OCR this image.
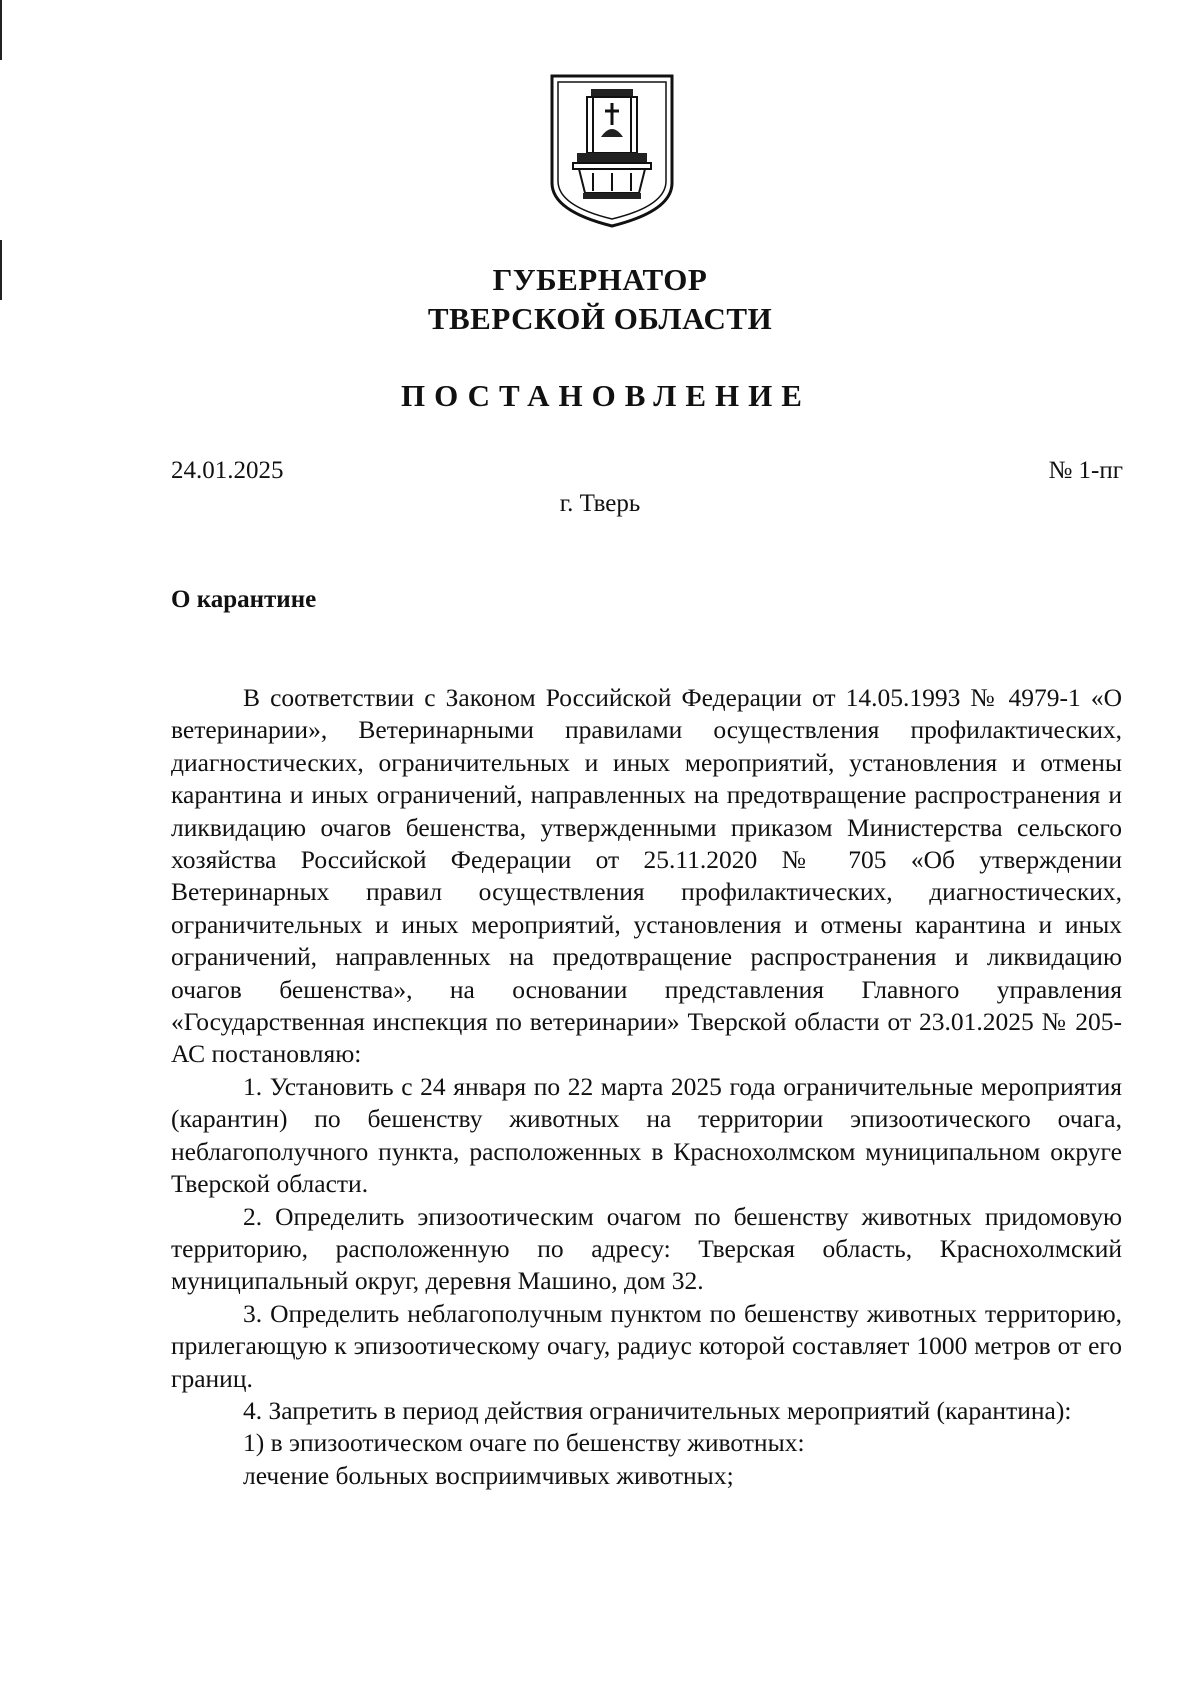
ГУБЕРНАТОР
ТВЕРСКОЙ ОБЛАСТИ
ПОСТАНОВЛЕНИЕ
24.01.2025	№ 1-пг
г. Тверь
О карантине

В соответствии с Законом Российской Федерации от 14.05.1993 № 4979-1 «О ветеринарии», Ветеринарными правилами осуществления профилактических, диагностических, ограничительных и иных мероприятий, установления и отмены карантина и иных ограничений, направленных на предотвращение распространения и ликвидацию очагов бешенства, утвержденными приказом Министерства сельского хозяйства Российской Федерации от 25.11.2020 № 705 «Об утверждении Ветеринарных правил осуществления профилактических, диагностических, ограничительных и иных мероприятий, установления и отмены карантина и иных ограничений, направленных на предотвращение распространения и ликвидацию очагов бешенства», на основании представления Главного управления «Государственная инспекция по ветеринарии» Тверской области от 23.01.2025 № 205-АС постановляю:

1. Установить с 24 января по 22 марта 2025 года ограничительные мероприятия (карантин) по бешенству животных на территории эпизоотического очага, неблагополучного пункта, расположенных в Краснохолмском муниципальном округе Тверской области.

2. Определить эпизоотическим очагом по бешенству животных придомовую территорию, расположенную по адресу: Тверская область, Краснохолмский муниципальный округ, деревня Машино, дом 32.

3. Определить неблагополучным пунктом по бешенству животных территорию, прилегающую к эпизоотическому очагу, радиус которой составляет 1000 метров от его границ.

4. Запретить в период действия ограничительных мероприятий (карантина):

1) в эпизоотическом очаге по бешенству животных:

лечение больных восприимчивых животных;
